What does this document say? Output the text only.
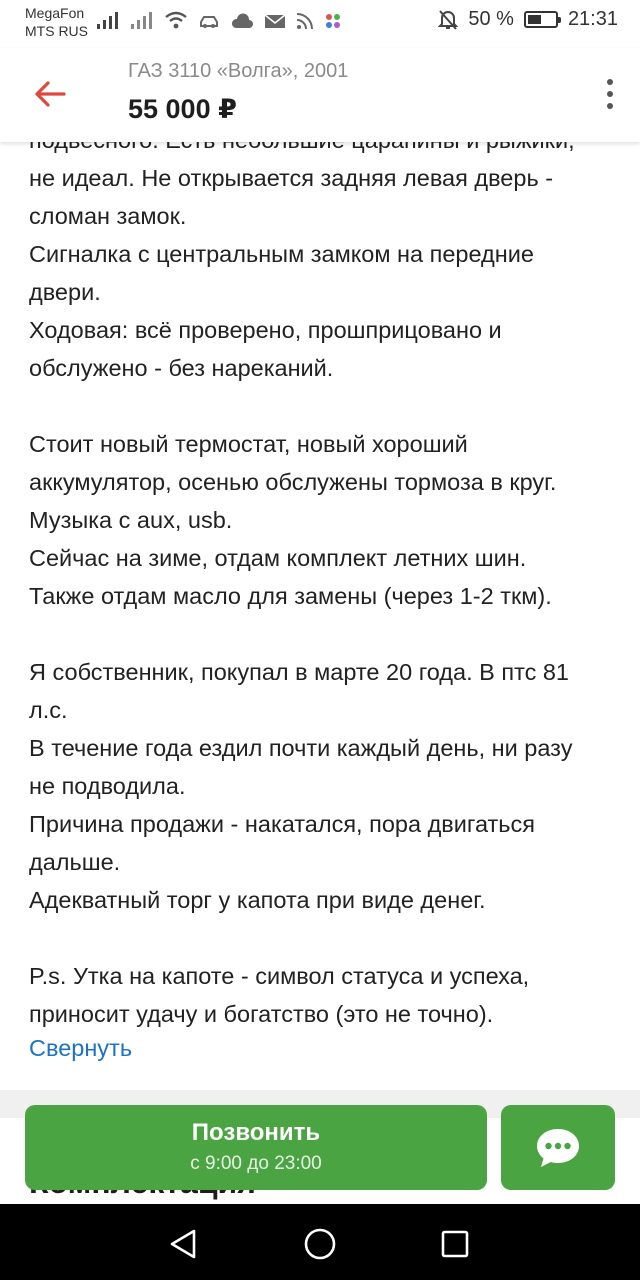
MegaFon
MTS RUS
50 %	21:31
ГАЗ 3110 «Волга», 2001
55 000 ₽

не идеал. Не открывается задняя левая дверь -

сломан замок.

Сигналка с центральным замком на передние

двери.

Ходовая: всё проверено, прошприцовано и

обслужено - без нареканий.

Стоит новый термостат, новый хороший

аккумулятор, осенью обслужены тормоза в круг.

Музыка с aux, usb.

Сейчас на зиме, отдам комплект летних шин.

Также отдам масло для замены (через 1-2 ткм).

Я собственник, покупал в марте 20 года. В птс 81

л.с.

В течение года ездил почти каждый день, ни разу

не подводила.

Причина продажи - накатался, пора двигаться

дальше.

Адекватный торг у капота при виде денег.

P.s. Утка на капоте - символ статуса и успеха,

приносит удачу и богатство (это не точно).

Свернуть
Позвонить
с 9:00 до 23:00
